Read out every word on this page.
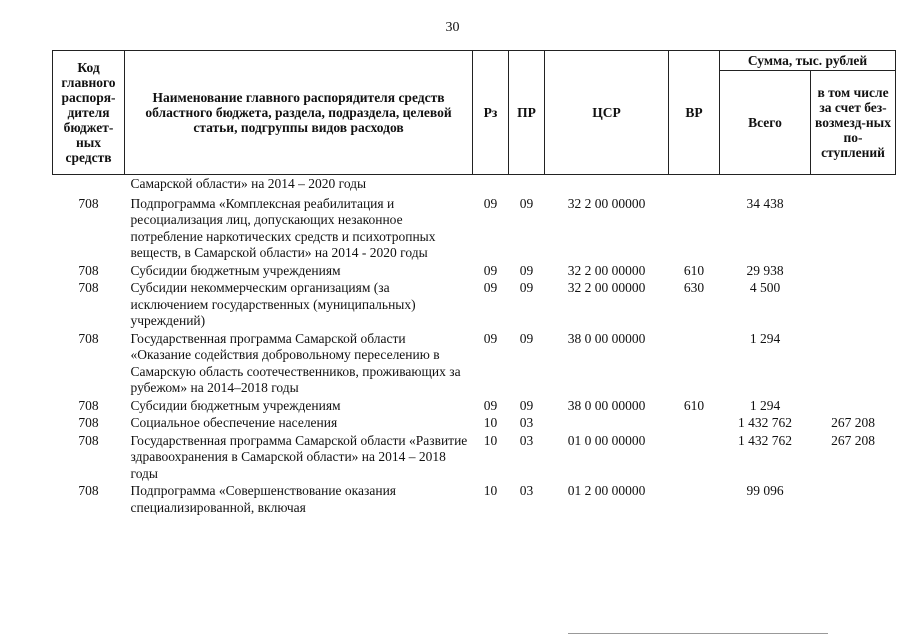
30
Код главного распоря-дителя бюджет-ных средств	Наименование главного распорядителя средств областного бюджета, раздела, подраздела, целевой статьи, подгруппы видов расходов	Рз	ПР	ЦСР	ВР	Сумма, тыс. рублей	
						Всего	в том числе за счет без-возмезд-ных по-ступлений
	Самарской области» на 2014 – 2020 годы						
708	Подпрограмма «Комплексная реабилитация и ресоциализация лиц, допускающих незаконное потребление наркотических средств и психотропных веществ, в Самарской области» на 2014 - 2020 годы	09	09	32 2 00 00000		34 438	
708	Субсидии бюджетным учреждениям	09	09	32 2 00 00000	610	29 938	
708	Субсидии некоммерческим организациям (за исключением государственных (муниципальных) учреждений)	09	09	32 2 00 00000	630	4 500	
708	Государственная программа Самарской области «Оказание содействия добровольному переселению в Самарскую область соотечественников, проживающих за рубежом» на 2014–2018 годы	09	09	38 0 00 00000		1 294	
708	Субсидии бюджетным учреждениям	09	09	38 0 00 00000	610	1 294	
708	Социальное обеспечение населения	10	03			1 432 762	267 208
708	Государственная программа Самарской области «Развитие здравоохранения в Самарской области» на 2014 – 2018 годы	10	03	01 0 00 00000		1 432 762	267 208
708	Подпрограмма «Совершенствование оказания специализированной, включая	10	03	01 2 00 00000		99 096	
